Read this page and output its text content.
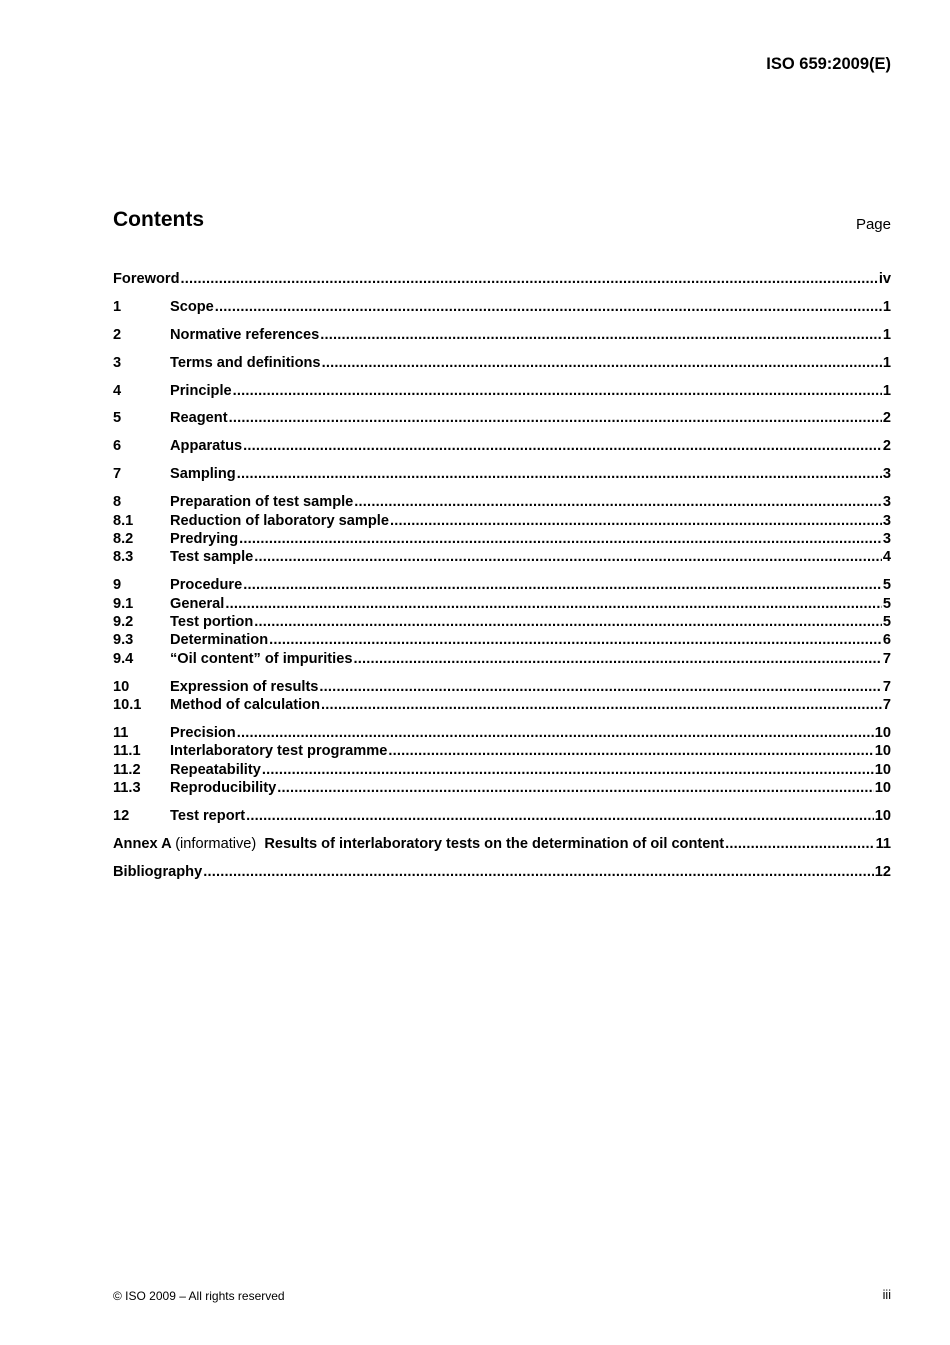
ISO 659:2009(E)
Contents	Page
Foreword .....	iv
1	Scope .....	1
2	Normative references .....	1
3	Terms and definitions .....	1
4	Principle .....	1
5	Reagent .....	2
6	Apparatus .....	2
7	Sampling .....	3
8	Preparation of test sample .....	3
8.1	Reduction of laboratory sample .....	3
8.2	Predrying .....	3
8.3	Test sample .....	4
9	Procedure .....	5
9.1	General .....	5
9.2	Test portion .....	5
9.3	Determination .....	6
9.4	“Oil content” of impurities .....	7
10	Expression of results .....	7
10.1	Method of calculation .....	7
11	Precision .....	10
11.1	Interlaboratory test programme .....	10
11.2	Repeatability .....	10
11.3	Reproducibility .....	10
12	Test report .....	10
Annex A (informative) Results of interlaboratory tests on the determination of oil content .....	11
Bibliography .....	12
© ISO 2009 – All rights reserved	iii
